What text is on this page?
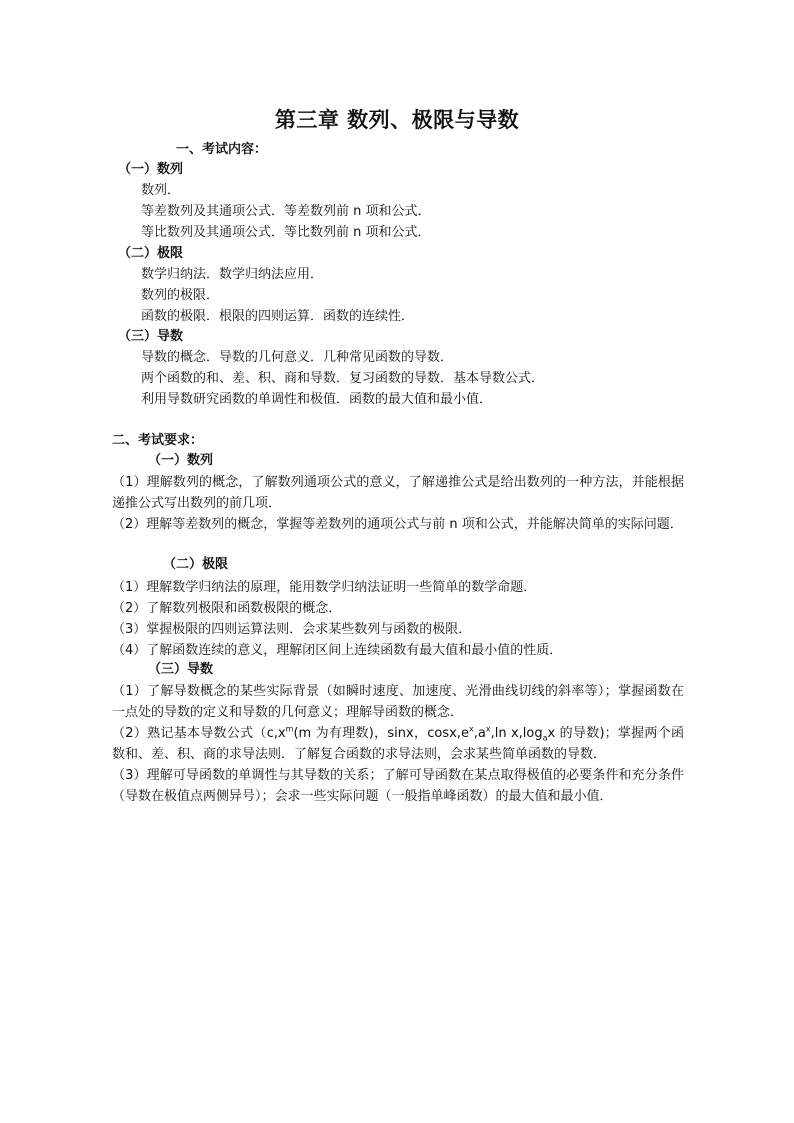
第三章 数列、极限与导数
一、考试内容：
（一）数列
数列．
等差数列及其通项公式．等差数列前 n 项和公式．
等比数列及其通项公式．等比数列前 n 项和公式．
（二）极限
数学归纳法．数学归纳法应用．
数列的极限．
函数的极限．根限的四则运算．函数的连续性．
（三）导数
导数的概念．导数的几何意义．几种常见函数的导数．
两个函数的和、差、积、商和导数．复习函数的导数．基本导数公式．
利用导数研究函数的单调性和极值．函数的最大值和最小值．
二、考试要求：
（一）数列
（1）理解数列的概念，了解数列通项公式的意义，了解递推公式是给出数列的一种方法，并能根据递推公式写出数列的前几项．
（2）理解等差数列的概念，掌握等差数列的通项公式与前 n 项和公式，并能解决简单的实际问题．
（二）极限
（1）理解数学归纳法的原理，能用数学归纳法证明一些简单的数学命题．
（2）了解数列极限和函数极限的概念．
（3）掌握极限的四则运算法则．会求某些数列与函数的极限．
（4）了解函数连续的意义，理解闭区间上连续函数有最大值和最小值的性质．
（三）导数
（1）了解导数概念的某些实际背景（如瞬时速度、加速度、光滑曲线切线的斜率等）；掌握函数在一点处的导数的定义和导数的几何意义；理解导函数的概念．
（2）熟记基本导数公式（$c,x^m(m$ 为有理数)，sinx，$\cos x,e^x,a^x,\ln$ $x,\log_ax$ 的导数)；掌握两个函数和、差、积、商的求导法则．了解复合函数的求导法则，会求某些简单函数的导数．
（3）理解可导函数的单调性与其导数的关系；了解可导函数在某点取得极值的必要条件和充分条件（导数在极值点两侧异号）；会求一些实际问题（一般指单峰函数）的最大值和最小值．
